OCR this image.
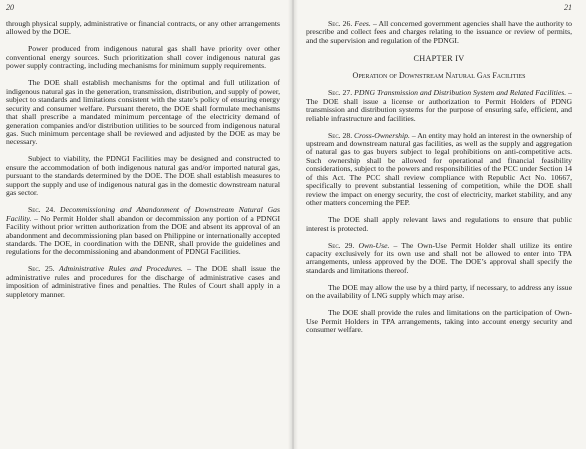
20

through physical supply, administrative or financial contracts, or any other arrangements allowed by the DOE.

Power produced from indigenous natural gas shall have priority over other conventional energy sources. Such prioritization shall cover indigenous natural gas power supply contracting, including mechanisms for minimum supply requirements.

The DOE shall establish mechanisms for the optimal and full utilization of indigenous natural gas in the generation, transmission, distribution, and supply of power, subject to standards and limitations consistent with the state’s policy of ensuring energy security and consumer welfare. Pursuant thereto, the DOE shall formulate mechanisms that shall prescribe a mandated minimum percentage of the electricity demand of generation companies and/or distribution utilities to be sourced from indigenous natural gas. Such minimum percentage shall be reviewed and adjusted by the DOE as may be necessary.

Subject to viability, the PDNGI Facilities may be designed and constructed to ensure the accommodation of both indigenous natural gas and/or imported natural gas, pursuant to the standards determined by the DOE. The DOE shall establish measures to support the supply and use of indigenous natural gas in the domestic downstream natural gas sector.

Sec. 24. Decommissioning and Abandonment of Downstream Natural Gas Facility. – No Permit Holder shall abandon or decommission any portion of a PDNGI Facility without prior written authorization from the DOE and absent its approval of an abandonment and decommissioning plan based on Philippine or internationally accepted standards. The DOE, in coordination with the DENR, shall provide the guidelines and regulations for the decommissioning and abandonment of PDNGI Facilities.

Sec. 25. Administrative Rules and Procedures. – The DOE shall issue the administrative rules and procedures for the discharge of administrative cases and imposition of administrative fines and penalties. The Rules of Court shall apply in a suppletory manner.

21

Sec. 26. Fees. – All concerned government agencies shall have the authority to prescribe and collect fees and charges relating to the issuance or review of permits, and the supervision and regulation of the PDNGI.

CHAPTER IV
Operation of Downstream Natural Gas Facilities

Sec. 27. PDNG Transmission and Distribution System and Related Facilities. – The DOE shall issue a license or authorization to Permit Holders of PDNG transmission and distribution systems for the purpose of ensuring safe, efficient, and reliable infrastructure and facilities.

Sec. 28. Cross-Ownership. – An entity may hold an interest in the ownership of upstream and downstream natural gas facilities, as well as the supply and aggregation of natural gas to gas buyers subject to legal prohibitions on anti-competitive acts. Such ownership shall be allowed for operational and financial feasibility considerations, subject to the powers and responsibilities of the PCC under Section 14 of this Act. The PCC shall review compliance with Republic Act No. 10667, specifically to prevent substantial lessening of competition, while the DOE shall review the impact on energy security, the cost of electricity, market stability, and any other matters concerning the PEP.

The DOE shall apply relevant laws and regulations to ensure that public interest is protected.

Sec. 29. Own-Use. – The Own-Use Permit Holder shall utilize its entire capacity exclusively for its own use and shall not be allowed to enter into TPA arrangements, unless approved by the DOE. The DOE’s approval shall specify the standards and limitations thereof.

The DOE may allow the use by a third party, if necessary, to address any issue on the availability of LNG supply which may arise.

The DOE shall provide the rules and limitations on the participation of Own-Use Permit Holders in TPA arrangements, taking into account energy security and consumer welfare.
